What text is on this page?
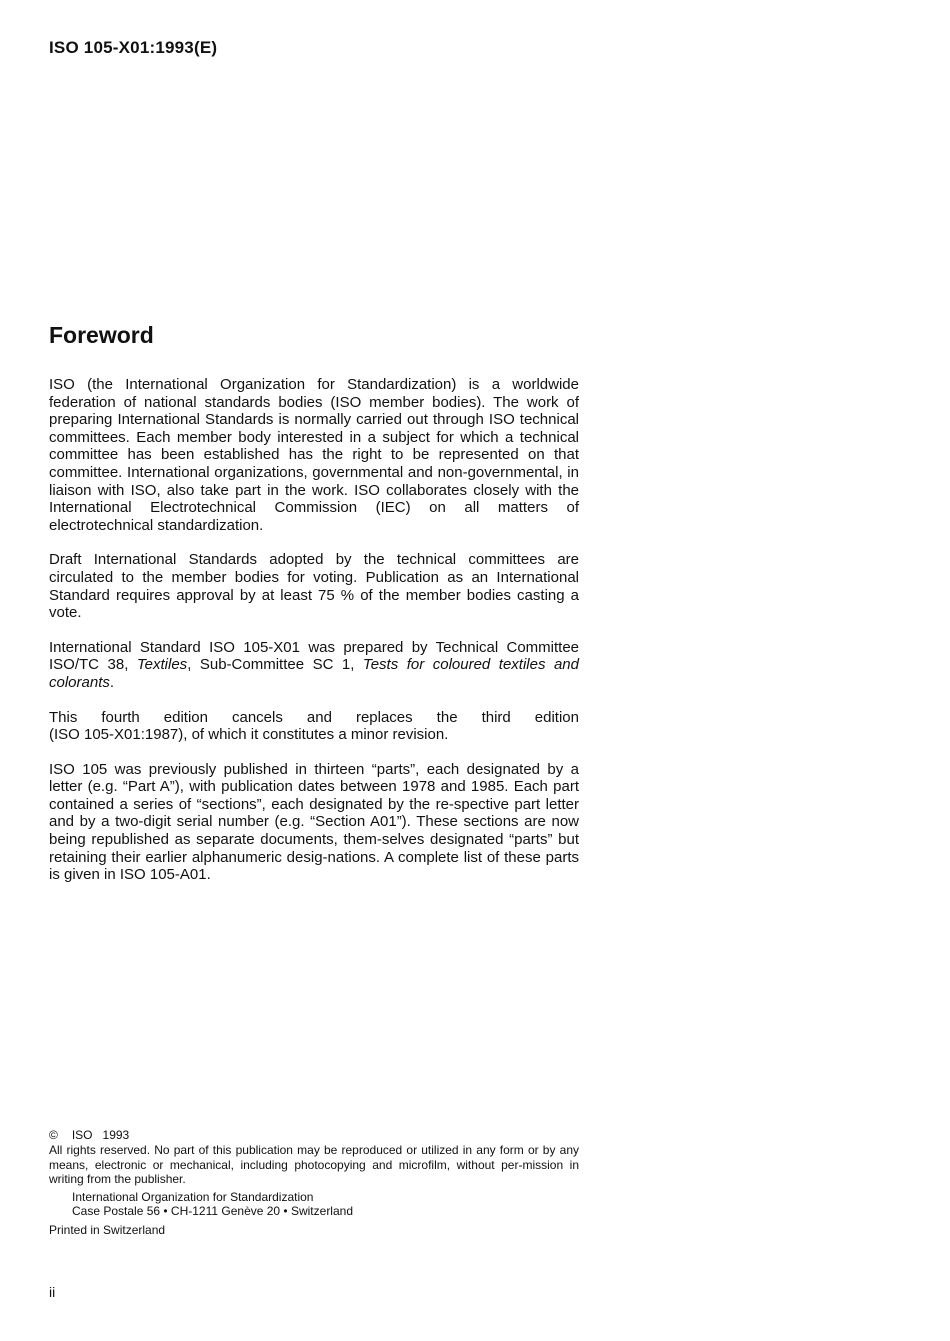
ISO 105-X01:1993(E)
Foreword

ISO (the International Organization for Standardization) is a worldwide federation of national standards bodies (ISO member bodies). The work of preparing International Standards is normally carried out through ISO technical committees. Each member body interested in a subject for which a technical committee has been established has the right to be represented on that committee. International organizations, governmental and non-governmental, in liaison with ISO, also take part in the work. ISO collaborates closely with the International Electrotechnical Commission (IEC) on all matters of electrotechnical standardization.

Draft International Standards adopted by the technical committees are circulated to the member bodies for voting. Publication as an International Standard requires approval by at least 75 % of the member bodies casting a vote.

International Standard ISO 105-X01 was prepared by Technical Committee ISO/TC 38, Textiles, Sub-Committee SC 1, Tests for coloured textiles and colorants.

This fourth edition cancels and replaces the third edition
(ISO 105-X01:1987), of which it constitutes a minor revision.

ISO 105 was previously published in thirteen “parts”, each designated by a letter (e.g. “Part A”), with publication dates between 1978 and 1985. Each part contained a series of “sections”, each designated by the re-spective part letter and by a two-digit serial number (e.g. “Section A01”). These sections are now being republished as separate documents, them-selves designated “parts” but retaining their earlier alphanumeric desig-nations. A complete list of these parts is given in ISO 105-A01.

© ISO 1993
All rights reserved. No part of this publication may be reproduced or utilized in any form or by any means, electronic or mechanical, including photocopying and microfilm, without per-mission in writing from the publisher.
International Organization for Standardization
Case Postale 56 • CH-1211 Genève 20 • Switzerland
Printed in Switzerland
ii
